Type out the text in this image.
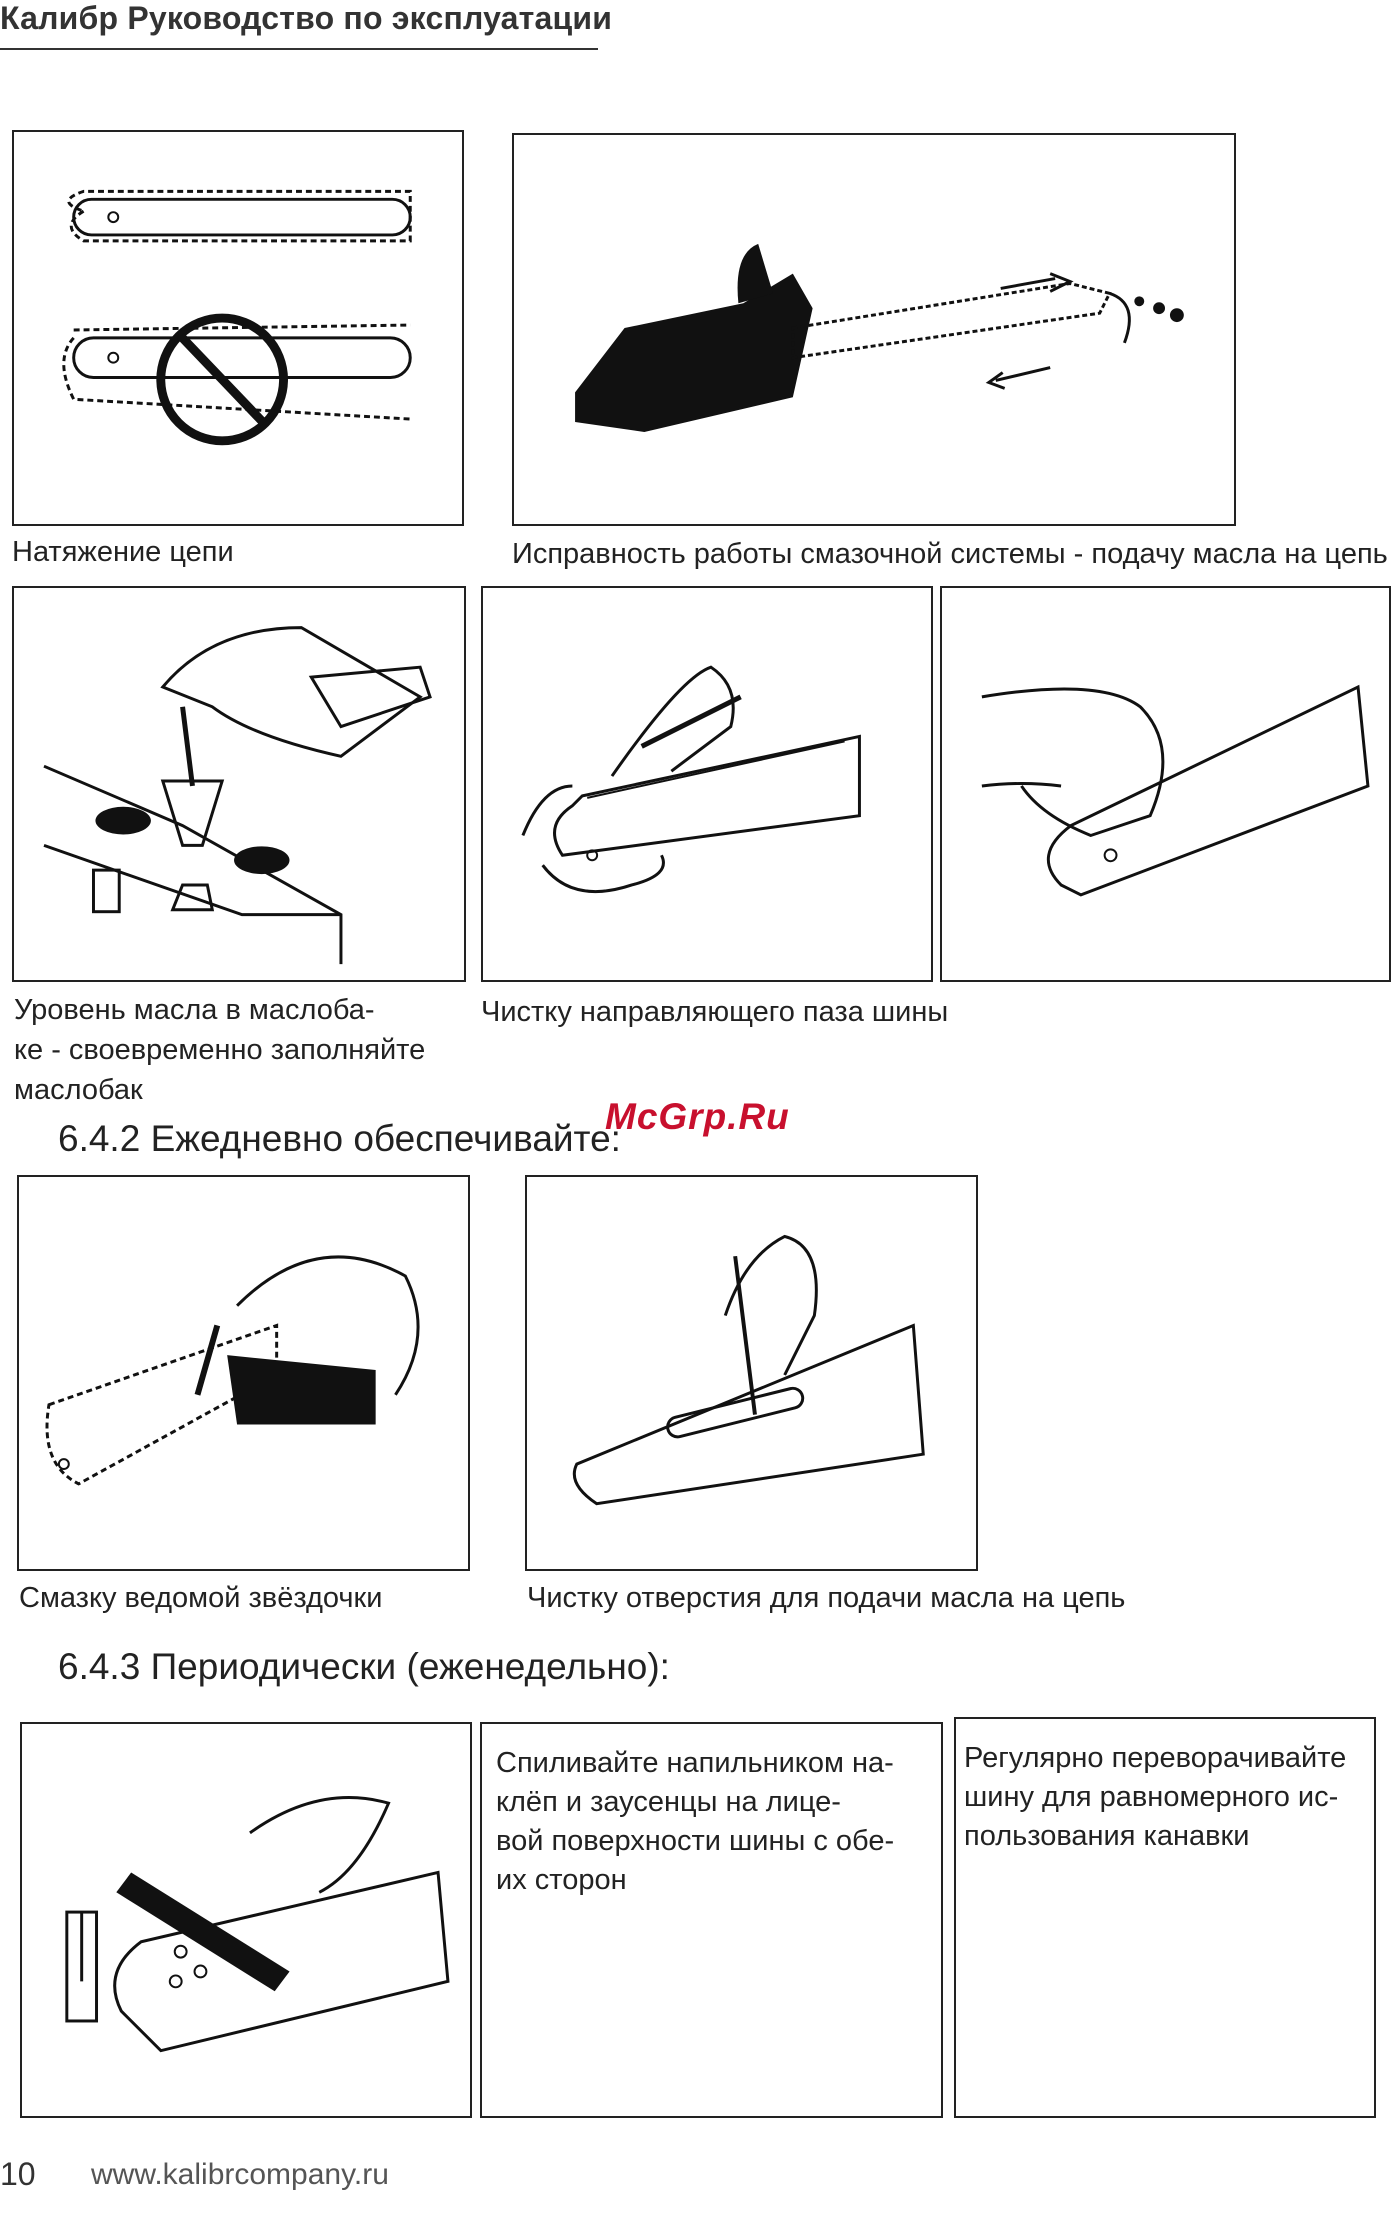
Калибр Руководство по эксплуатации
Натяжение цепи	Исправность работы смазочной системы - подачу масла на цепь
Уровень масла в маслоба-
ке - своевременно заполняйте
маслобак
Чистку направляющего паза шины
6.4.2 Ежедневно обеспечивайте:
McGrp.Ru
Смазку ведомой звёздочки	Чистку отверстия для подачи масла на цепь
6.4.3 Периодически (еженедельно):
Спиливайте напильником на-
клёп и заусенцы на лице-
вой поверхности шины с обе-
их сторон
Регулярно переворачивайте
шину для равномерного ис-
пользования канавки
10 www.kalibrcompany.ru
